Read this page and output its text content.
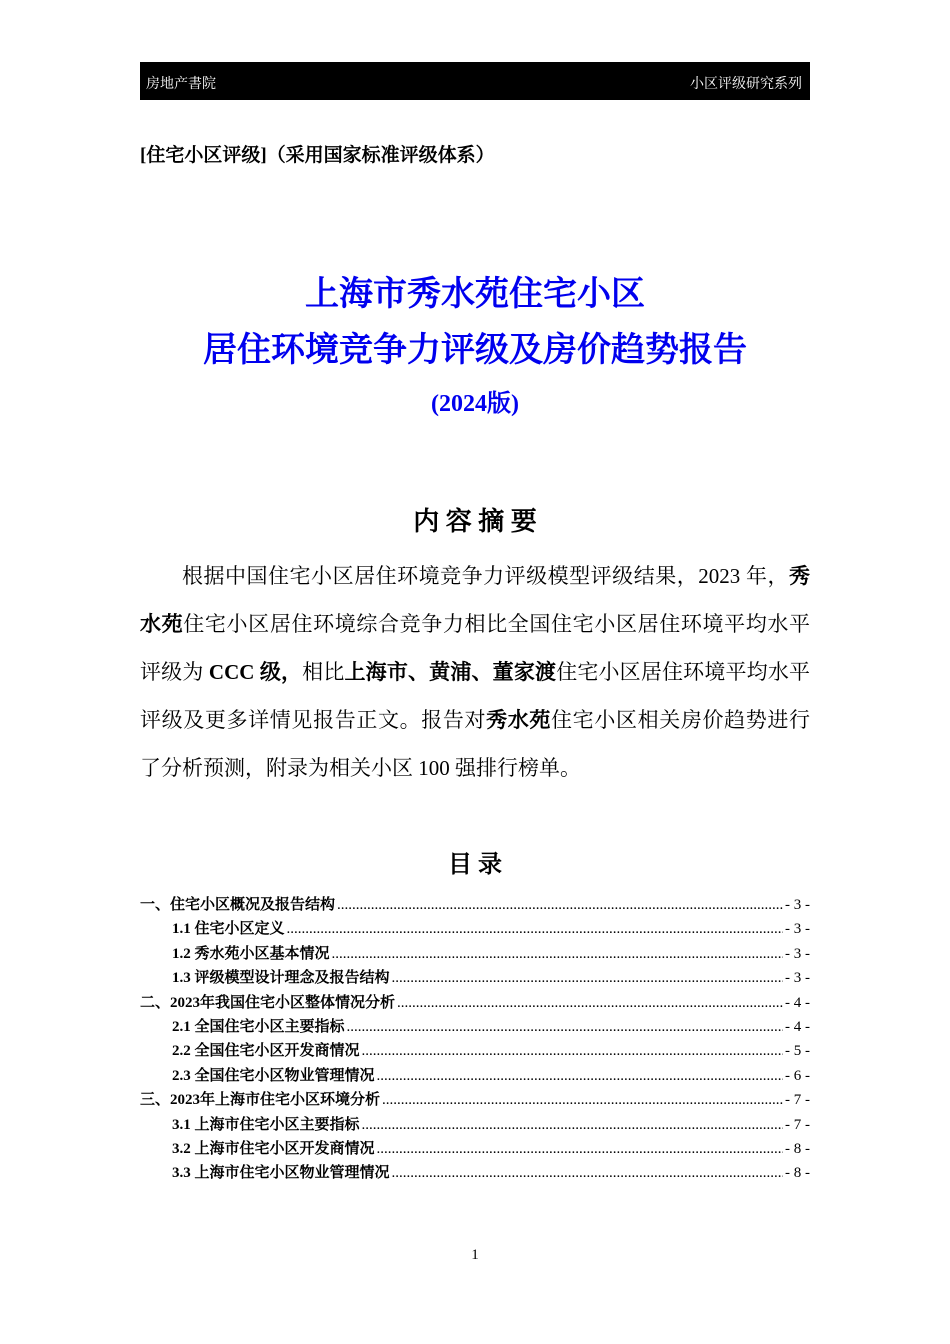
房地产書院	小区评级研究系列
[住宅小区评级]（采用国家标准评级体系）
上海市秀水苑住宅小区
居住环境竞争力评级及房价趋势报告
(2024版)
内 容 摘 要

根据中国住宅小区居住环境竞争力评级模型评级结果，2023 年，秀水苑住宅小区居住环境综合竞争力相比全国住宅小区居住环境平均水平评级为 CCC 级，相比上海市、黄浦、董家渡住宅小区居住环境平均水平评级及更多详情见报告正文。报告对秀水苑住宅小区相关房价趋势进行了分析预测，附录为相关小区 100 强排行榜单。

目 录
一、住宅小区概况及报告结构 .....	- 3 -
1.1 住宅小区定义 .....	- 3 -
1.2 秀水苑小区基本情况 .....	- 3 -
1.3 评级模型设计理念及报告结构 .....	- 3 -
二、2023年我国住宅小区整体情况分析 .....	- 4 -
2.1 全国住宅小区主要指标 .....	- 4 -
2.2 全国住宅小区开发商情况 .....	- 5 -
2.3 全国住宅小区物业管理情况 .....	- 6 -
三、2023年上海市住宅小区环境分析 .....	- 7 -
3.1 上海市住宅小区主要指标 .....	- 7 -
3.2 上海市住宅小区开发商情况 .....	- 8 -
3.3 上海市住宅小区物业管理情况 .....	- 8 -
1
